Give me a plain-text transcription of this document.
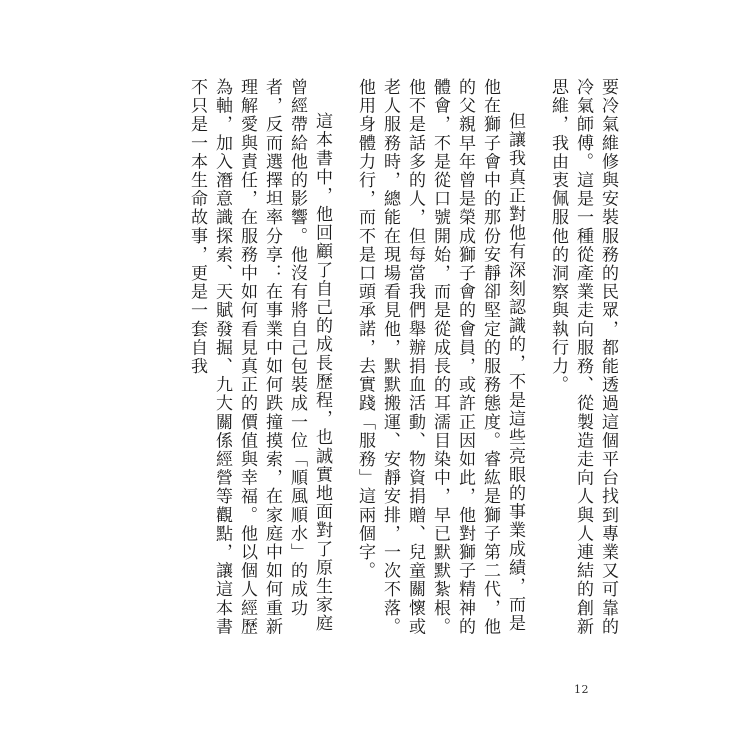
要冷氣維修與安裝服務的民眾，都能透過這個平台找到專業又可靠的冷氣師傅。這是一種從產業走向服務、從製造走向人與人連結的創新思維，我由衷佩服他的洞察與執行力。

但讓我真正對他有深刻認識的，不是這些亮眼的事業成績，而是他在獅子會中的那份安靜卻堅定的服務態度。睿紘是獅子第二代，他的父親早年曾是榮成獅子會的會員，或許正因如此，他對獅子精神的體會，不是從口號開始，而是從成長的耳濡目染中，早已默默紮根。他不是話多的人，但每當我們舉辦捐血活動、物資捐贈、兒童關懷或老人服務時，總能在現場看見他，默默搬運、安靜安排，一次不落。他用身體力行，而不是口頭承諾，去實踐「服務」這兩個字。

這本書中，他回顧了自己的成長歷程，也誠實地面對了原生家庭曾經帶給他的影響。他沒有將自己包裝成一位「順風順水」的成功者，反而選擇坦率分享：在事業中如何跌撞摸索，在家庭中如何重新理解愛與責任，在服務中如何看見真正的價值與幸福。他以個人經歷為軸，加入潛意識探索、天賦發掘、九大關係經營等觀點，讓這本書不只是一本生命故事，更是一套自我

12
